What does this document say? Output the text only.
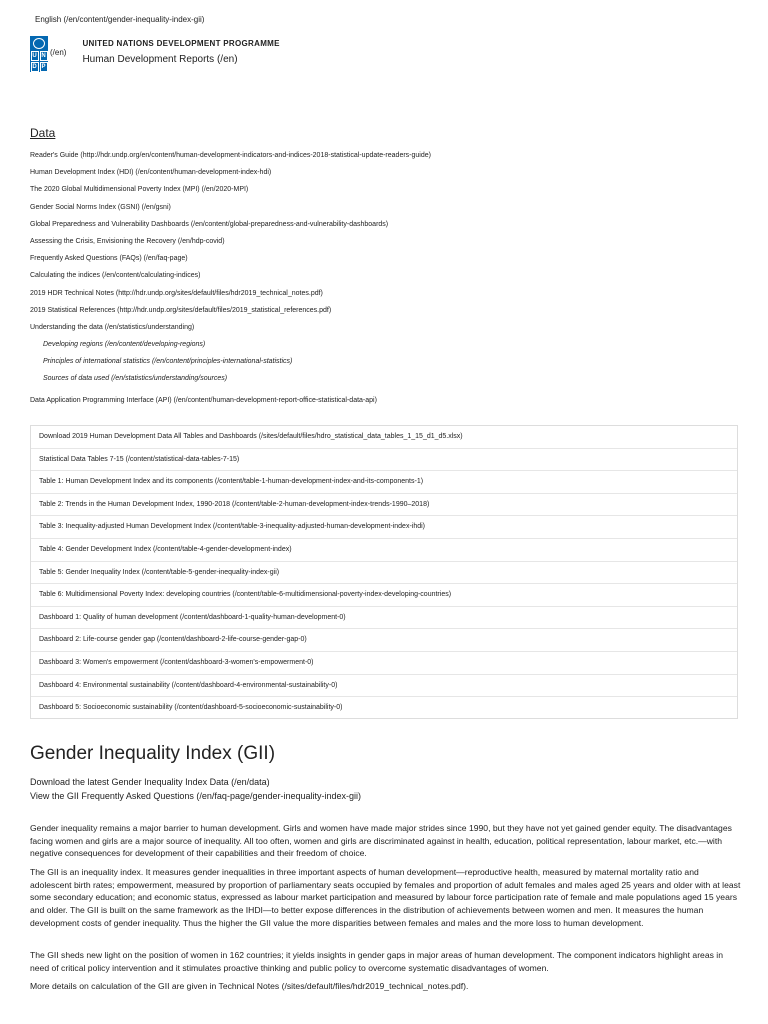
English (/en/content/gender-inequality-index-gii)
U N
D P
(/en)
UNITED NATIONS DEVELOPMENT PROGRAMME
Human Development Reports (/en)
Data
Reader's Guide (http://hdr.undp.org/en/content/human-development-indicators-and-indices-2018-statistical-update-readers-guide)
Human Development Index (HDI) (/en/content/human-development-index-hdi)
The 2020 Global Multidimensional Poverty Index (MPI) (/en/2020-MPI)
Gender Social Norms Index (GSNI) (/en/gsni)
Global Preparedness and Vulnerability Dashboards (/en/content/global-preparedness-and-vulnerability-dashboards)
Assessing the Crisis, Envisioning the Recovery (/en/hdp-covid)
Frequently Asked Questions (FAQs) (/en/faq-page)
Calculating the indices (/en/content/calculating-indices)
2019 HDR Technical Notes (http://hdr.undp.org/sites/default/files/hdr2019_technical_notes.pdf)
2019 Statistical References (http://hdr.undp.org/sites/default/files/2019_statistical_references.pdf)
Understanding the data (/en/statistics/understanding)
Developing regions (/en/content/developing-regions)
Principles of international statistics (/en/content/principles-international-statistics)
Sources of data used (/en/statistics/understanding/sources)
Data Application Programming Interface (API) (/en/content/human-development-report-office-statistical-data-api)
Download 2019 Human Development Data All Tables and Dashboards (/sites/default/files/hdro_statistical_data_tables_1_15_d1_d5.xlsx)
Statistical Data Tables 7-15 (/content/statistical-data-tables-7-15)
Table 1: Human Development Index and its components (/content/table-1-human-development-index-and-its-components-1)
Table 2: Trends in the Human Development Index, 1990-2018 (/content/table-2-human-development-index-trends-1990–2018)
Table 3: Inequality-adjusted Human Development Index (/content/table-3-inequality-adjusted-human-development-index-ihdi)
Table 4: Gender Development Index (/content/table-4-gender-development-index)
Table 5: Gender Inequality Index (/content/table-5-gender-inequality-index-gii)
Table 6: Multidimensional Poverty Index: developing countries (/content/table-6-multidimensional-poverty-index-developing-countries)
Dashboard 1: Quality of human development (/content/dashboard-1-quality-human-development-0)
Dashboard 2: Life-course gender gap (/content/dashboard-2-life-course-gender-gap-0)
Dashboard 3: Women's empowerment (/content/dashboard-3-women's-empowerment-0)
Dashboard 4: Environmental sustainability (/content/dashboard-4-environmental-sustainability-0)
Dashboard 5: Socioeconomic sustainability (/content/dashboard-5-socioeconomic-sustainability-0)
Gender Inequality Index (GII)
Download the latest Gender Inequality Index Data (/en/data)
View the GII Frequently Asked Questions (/en/faq-page/gender-inequality-index-gii)
Gender inequality remains a major barrier to human development. Girls and women have made major strides since 1990, but they have not yet gained gender equity. The disadvantages facing women and girls are a major source of inequality. All too often, women and girls are discriminated against in health, education, political representation, labour market, etc.—with negative consequences for development of their capabilities and their freedom of choice.
The GII is an inequality index. It measures gender inequalities in three important aspects of human development—reproductive health, measured by maternal mortality ratio and adolescent birth rates; empowerment, measured by proportion of parliamentary seats occupied by females and proportion of adult females and males aged 25 years and older with at least some secondary education; and economic status, expressed as labour market participation and measured by labour force participation rate of female and male populations aged 15 years and older. The GII is built on the same framework as the IHDI—to better expose differences in the distribution of achievements between women and men. It measures the human development costs of gender inequality. Thus the higher the GII value the more disparities between females and males and the more loss to human development.
The GII sheds new light on the position of women in 162 countries; it yields insights in gender gaps in major areas of human development. The component indicators highlight areas in need of critical policy intervention and it stimulates proactive thinking and public policy to overcome systematic disadvantages of women.
More details on calculation of the GII are given in Technical Notes (/sites/default/files/hdr2019_technical_notes.pdf).
